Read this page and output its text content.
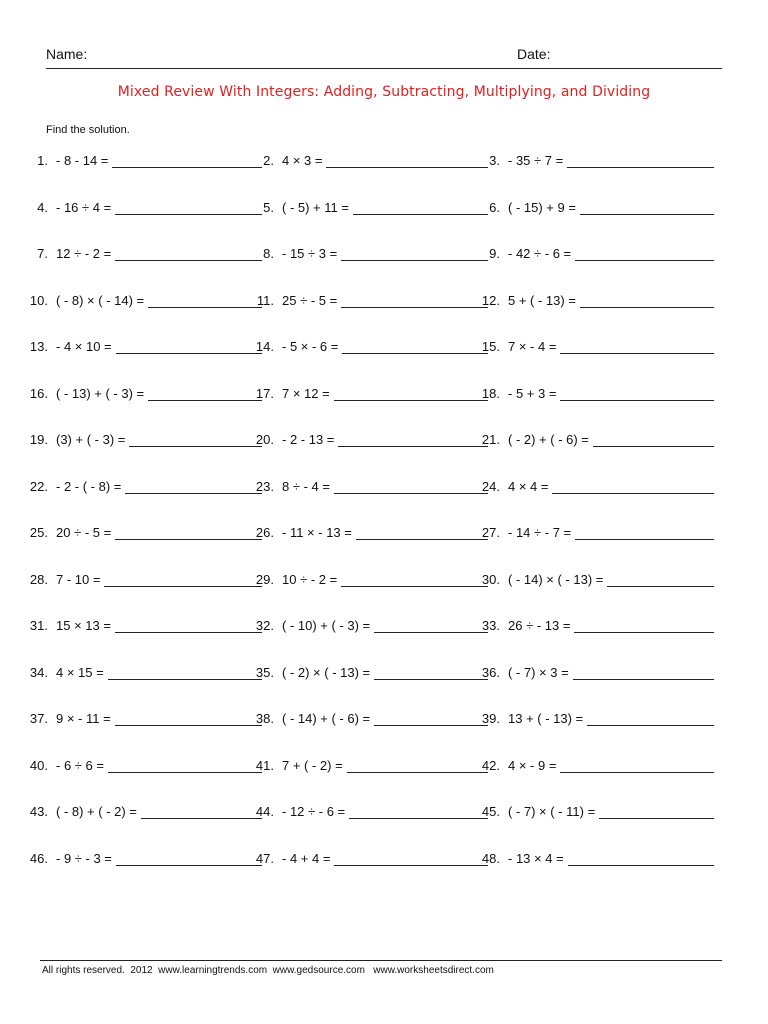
Name:	Date:
Mixed Review With Integers: Adding, Subtracting, Multiplying, and Dividing
Find the solution.
1. - 8 - 14 =	2. 4 × 3 =	3. - 35 ÷ 7 =
4. - 16 ÷ 4 =	5. ( - 5) + 11 =	6. ( - 15) + 9 =
7. 12 ÷ - 2 =	8. - 15 ÷ 3 =	9. - 42 ÷ - 6 =
10. ( - 8) × ( - 14) =	11. 25 ÷ - 5 =	12. 5 + ( - 13) =
13. - 4 × 10 =	14. - 5 × - 6 =	15. 7 × - 4 =
16. ( - 13) + ( - 3) =	17. 7 × 12 =	18. - 5 + 3 =
19. (3) + ( - 3) =	20. - 2 - 13 =	21. ( - 2) + ( - 6) =
22. - 2 - ( - 8) =	23. 8 ÷ - 4 =	24. 4 × 4 =
25. 20 ÷ - 5 =	26. - 11 × - 13 =	27. - 14 ÷ - 7 =
28. 7 - 10 =	29. 10 ÷ - 2 =	30. ( - 14) × ( - 13) =
31. 15 × 13 =	32. ( - 10) + ( - 3) =	33. 26 ÷ - 13 =
34. 4 × 15 =	35. ( - 2) × ( - 13) =	36. ( - 7) × 3 =
37. 9 × - 11 =	38. ( - 14) + ( - 6) =	39. 13 + ( - 13) =
40. - 6 ÷ 6 =	41. 7 + ( - 2) =	42. 4 × - 9 =
43. ( - 8) + ( - 2) =	44. - 12 ÷ - 6 =	45. ( - 7) × ( - 11) =
46. - 9 ÷ - 3 =	47. - 4 + 4 =	48. - 13 × 4 =
All rights reserved.  2012  www.learningtrends.com  www.gedsource.com   www.worksheetsdirect.com
